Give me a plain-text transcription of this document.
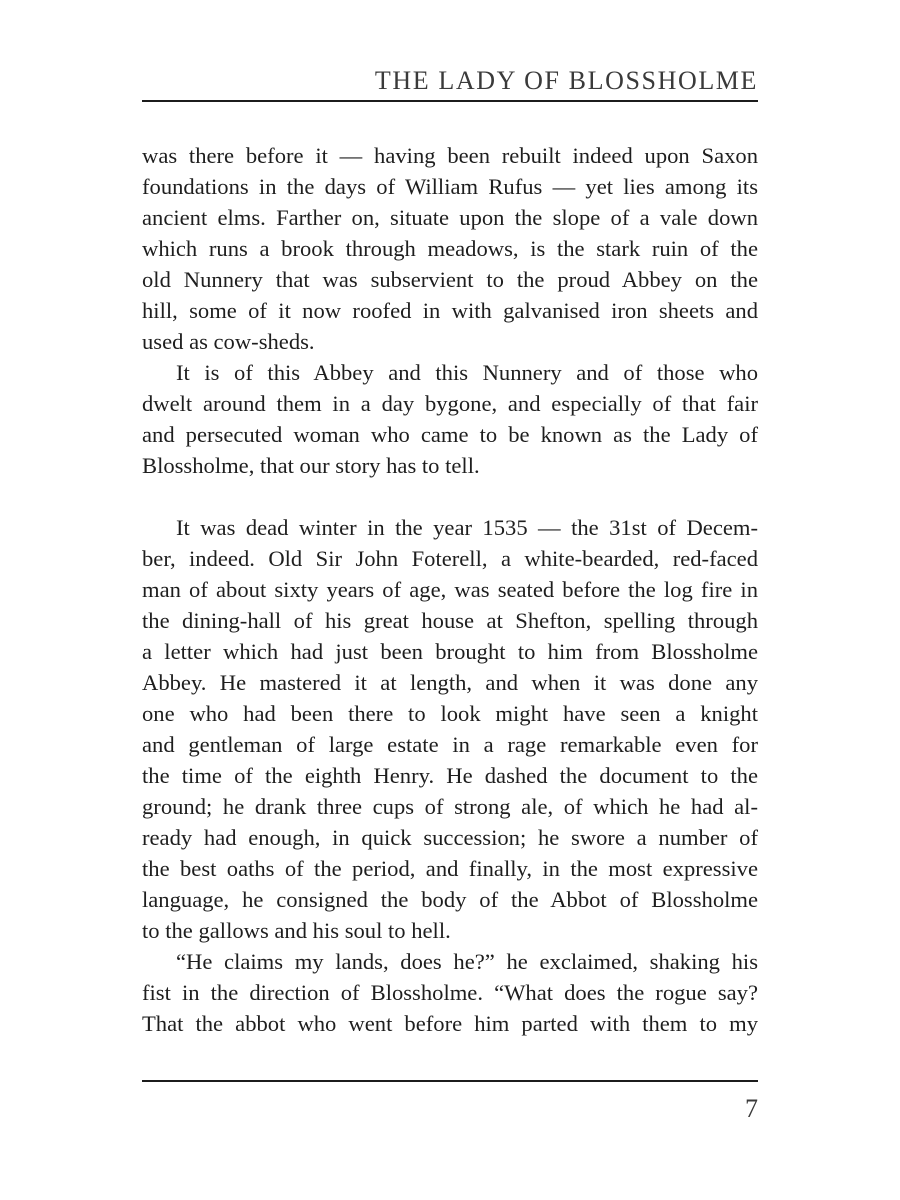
THE LADY OF BLOSSHOLME
was there before it — having been rebuilt indeed upon Saxon
foundations in the days of William Rufus — yet lies among its
ancient elms. Farther on, situate upon the slope of a vale down
which runs a brook through meadows, is the stark ruin of the
old Nunnery that was subservient to the proud Abbey on the
hill, some of it now roofed in with galvanised iron sheets and
used as cow-sheds.
It is of this Abbey and this Nunnery and of those who
dwelt around them in a day bygone, and especially of that fair
and persecuted woman who came to be known as the Lady of
Blossholme, that our story has to tell.
It was dead winter in the year 1535 — the 31st of Decem-
ber, indeed. Old Sir John Foterell, a white-bearded, red-faced
man of about sixty years of age, was seated before the log fire in
the dining-hall of his great house at Shefton, spelling through
a letter which had just been brought to him from Blossholme
Abbey. He mastered it at length, and when it was done any
one who had been there to look might have seen a knight
and gentleman of large estate in a rage remarkable even for
the time of the eighth Henry. He dashed the document to the
ground; he drank three cups of strong ale, of which he had al-
ready had enough, in quick succession; he swore a number of
the best oaths of the period, and finally, in the most expressive
language, he consigned the body of the Abbot of Blossholme
to the gallows and his soul to hell.
“He claims my lands, does he?” he exclaimed, shaking his
fist in the direction of Blossholme. “What does the rogue say?
That the abbot who went before him parted with them to my
7
